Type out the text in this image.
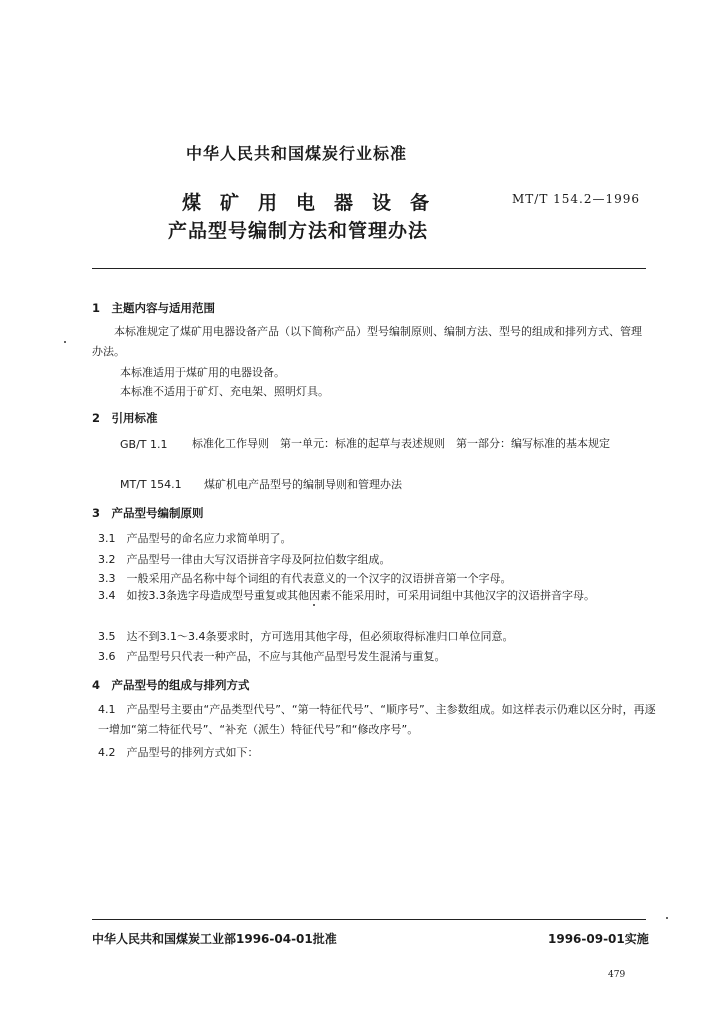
中华人民共和国煤炭行业标准
煤矿用电器设备
产品型号编制方法和管理办法
MT/T 154.2—1996
1　主题内容与适用范围
本标准规定了煤矿用电器设备产品（以下简称产品）型号编制原则、编制方法、型号的组成和排列方式、管理办法。
本标准适用于煤矿用的电器设备。
本标准不适用于矿灯、充电架、照明灯具。
2　引用标准
GB/T 1.1 标准化工作导则　第一单元：标准的起草与表述规则　第一部分：编写标准的基本规定
MT/T 154.1 煤矿机电产品型号的编制导则和管理办法
3　产品型号编制原则
3.1　产品型号的命名应力求简单明了。
3.2　产品型号一律由大写汉语拼音字母及阿拉伯数字组成。
3.3　一般采用产品名称中每个词组的有代表意义的一个汉字的汉语拼音第一个字母。
3.4　如按3.3条选字母造成型号重复或其他因素不能采用时，可采用词组中其他汉字的汉语拼音字母。
3.5　达不到3.1～3.4条要求时，方可选用其他字母，但必须取得标准归口单位同意。
3.6　产品型号只代表一种产品，不应与其他产品型号发生混淆与重复。
4　产品型号的组成与排列方式
4.1　产品型号主要由“产品类型代号”、“第一特征代号”、“顺序号”、主参数组成。如这样表示仍难以区分时，再逐一增加“第二特征代号”、“补充（派生）特征代号”和“修改序号”。
4.2　产品型号的排列方式如下：
中华人民共和国煤炭工业部1996-04-01批准	1996-09-01实施
479
